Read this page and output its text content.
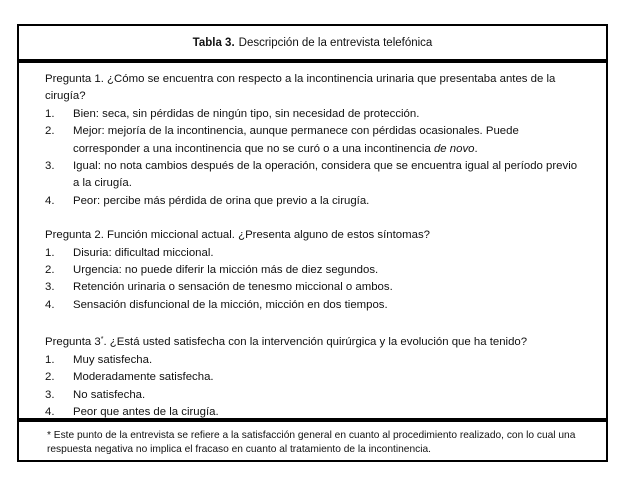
Tabla 3. Descripción de la entrevista telefónica

Pregunta 1. ¿Cómo se encuentra con respecto a la incontinencia urinaria que presentaba antes de la cirugía?

1.	Bien: seca, sin pérdidas de ningún tipo, sin necesidad de protección.
2.	Mejor: mejoría de la incontinencia, aunque permanece con pérdidas ocasionales. Puede corresponder a una incontinencia que no se curó o a una incontinencia de novo.
3.	Igual: no nota cambios después de la operación, considera que se encuentra igual al período previo a la cirugía.
4.	Peor: percibe más pérdida de orina que previo a la cirugía.

Pregunta 2. Función miccional actual. ¿Presenta alguno de estos síntomas?

1.	Disuria: dificultad miccional.
2.	Urgencia: no puede diferir la micción más de diez segundos.
3.	Retención urinaria o sensación de tenesmo miccional o ambos.
4.	Sensación disfuncional de la micción, micción en dos tiempos.

Pregunta 3*. ¿Está usted satisfecha con la intervención quirúrgica y la evolución que ha tenido?

1.	Muy satisfecha.
2.	Moderadamente satisfecha.
3.	No satisfecha.
4.	Peor que antes de la cirugía.
* Este punto de la entrevista se refiere a la satisfacción general en cuanto al procedimiento realizado, con lo cual una respuesta negativa no implica el fracaso en cuanto al tratamiento de la incontinencia.
